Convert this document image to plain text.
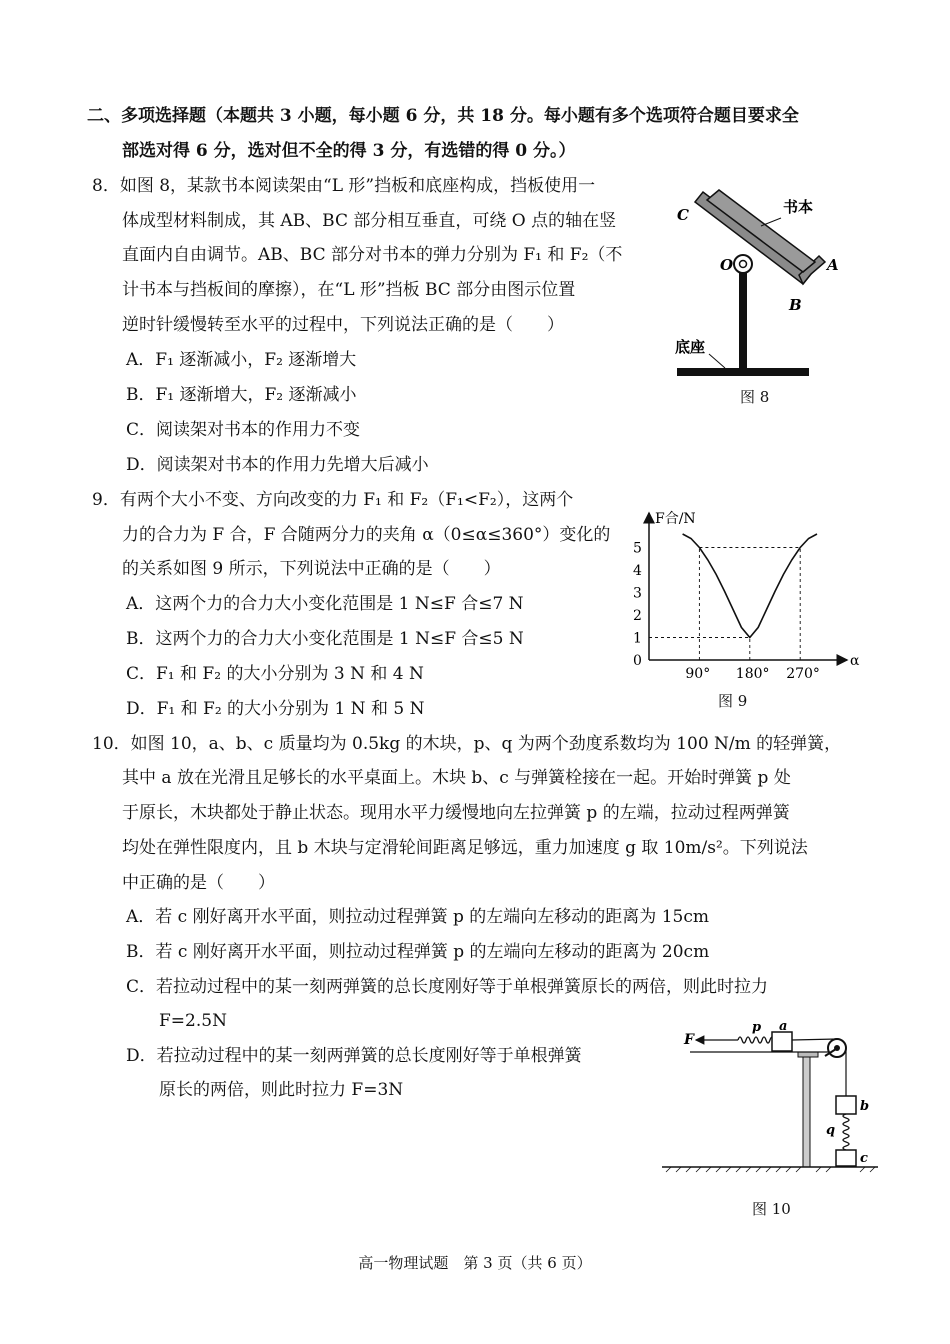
二、多项选择题（本题共 3 小题，每小题 6 分，共 18 分。每小题有多个选项符合题目要求全
部选对得 6 分，选对但不全的得 3 分，有选错的得 0 分。）
8．如图 8，某款书本阅读架由“L 形”挡板和底座构成，挡板使用一
体成型材料制成，其 AB、BC 部分相互垂直，可绕 O 点的轴在竖
直面内自由调节。AB、BC 部分对书本的弹力分别为 F₁ 和 F₂（不
计书本与挡板间的摩擦），在“L 形”挡板 BC 部分由图示位置
逆时针缓慢转至水平的过程中，下列说法正确的是（　　）
A．F₁ 逐渐减小，F₂ 逐渐增大
B．F₁ 逐渐增大，F₂ 逐渐减小
C．阅读架对书本的作用力不变
D．阅读架对书本的作用力先增大后减小
C
A
B
O
书本
底座
图 8
9．有两个大小不变、方向改变的力 F₁ 和 F₂（F₁<F₂），这两个
力的合力为 F 合，F 合随两分力的夹角 α（0≤α≤360°）变化的
的关系如图 9 所示，下列说法中正确的是（　　）
A．这两个力的合力大小变化范围是 1 N≤F 合≤7 N
B．这两个力的合力大小变化范围是 1 N≤F 合≤5 N
C．F₁ 和 F₂ 的大小分别为 3 N 和 4 N
D．F₁ 和 F₂ 的大小分别为 1 N 和 5 N
0
1
2
3
4
5
90° 180° 270°
F合/N
α
图 9
10．如图 10，a、b、c 质量均为 0.5kg 的木块，p、q 为两个劲度系数均为 100 N/m 的轻弹簧，
其中 a 放在光滑且足够长的水平桌面上。木块 b、c 与弹簧栓接在一起。开始时弹簧 p 处
于原长，木块都处于静止状态。现用水平力缓慢地向左拉弹簧 p 的左端，拉动过程两弹簧
均处在弹性限度内，且 b 木块与定滑轮间距离足够远，重力加速度 g 取 10m/s²。下列说法
中正确的是（　　）
A．若 c 刚好离开水平面，则拉动过程弹簧 p 的左端向左移动的距离为 15cm
B．若 c 刚好离开水平面，则拉动过程弹簧 p 的左端向左移动的距离为 20cm
C．若拉动过程中的某一刻两弹簧的总长度刚好等于单根弹簧原长的两倍，则此时拉力
F=2.5N
D．若拉动过程中的某一刻两弹簧的总长度刚好等于单根弹簧
原长的两倍，则此时拉力 F=3N
F
p a
b
q
c
图 10
高一物理试题　第 3 页（共 6 页）
